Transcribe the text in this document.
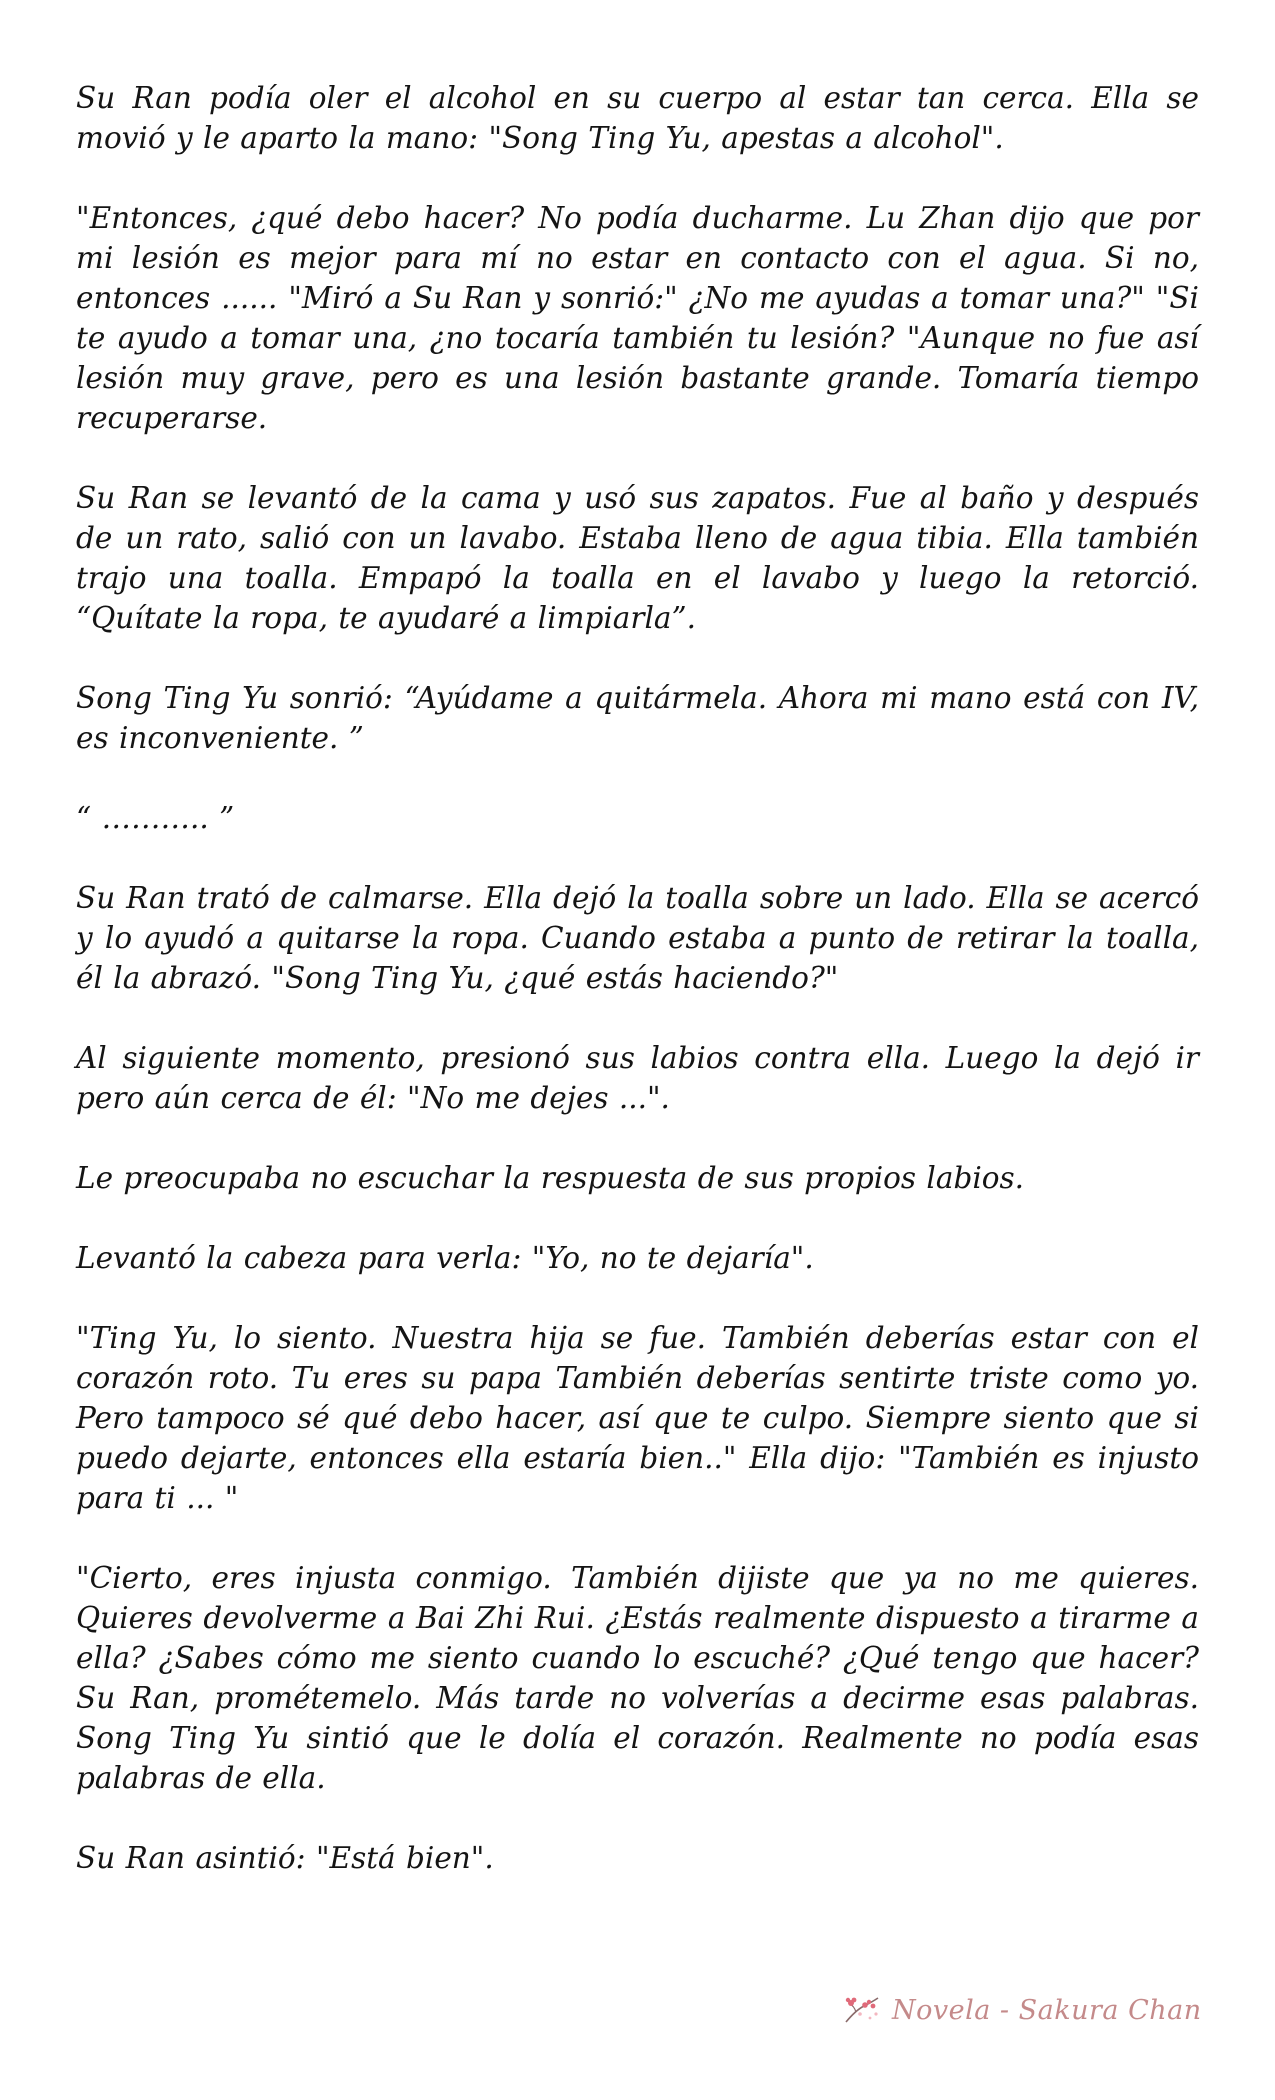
Su Ran podía oler el alcohol en su cuerpo al estar tan cerca. Ella se movió y le aparto la mano: "Song Ting Yu, apestas a alcohol".

"Entonces, ¿qué debo hacer? No podía ducharme. Lu Zhan dijo que por mi lesión es mejor para mí no estar en contacto con el agua. Si no, entonces ...... "Miró a Su Ran y sonrió:" ¿No me ayudas a tomar una?" "Si te ayudo a tomar una, ¿no tocaría también tu lesión? "Aunque no fue así lesión muy grave, pero es una lesión bastante grande. Tomaría tiempo recuperarse.

Su Ran se levantó de la cama y usó sus zapatos. Fue al baño y después de un rato, salió con un lavabo. Estaba lleno de agua tibia. Ella también trajo una toalla. Empapó la toalla en el lavabo y luego la retorció. “Quítate la ropa, te ayudaré a limpiarla”.

Song Ting Yu sonrió: “Ayúdame a quitármela. Ahora mi mano está con IV, es inconveniente. ”

“ ……….. ”

Su Ran trató de calmarse. Ella dejó la toalla sobre un lado. Ella se acercó y lo ayudó a quitarse la ropa. Cuando estaba a punto de retirar la toalla, él la abrazó. "Song Ting Yu, ¿qué estás haciendo?"

Al siguiente momento, presionó sus labios contra ella. Luego la dejó ir pero aún cerca de él: "No me dejes ...".

Le preocupaba no escuchar la respuesta de sus propios labios.

Levantó la cabeza para verla: "Yo, no te dejaría".

"Ting Yu, lo siento. Nuestra hija se fue. También deberías estar con el corazón roto. Tu eres su papa También deberías sentirte triste como yo. Pero tampoco sé qué debo hacer, así que te culpo. Siempre siento que si puedo dejarte, entonces ella estaría bien.." Ella dijo: "También es injusto para ti ... "

"Cierto, eres injusta conmigo. También dijiste que ya no me quieres. Quieres devolverme a Bai Zhi Rui. ¿Estás realmente dispuesto a tirarme a ella? ¿Sabes cómo me siento cuando lo escuché? ¿Qué tengo que hacer? Su Ran, prométemelo. Más tarde no volverías a decirme esas palabras. Song Ting Yu sintió que le dolía el corazón. Realmente no podía esas palabras de ella.

Su Ran asintió: "Está bien".

Novela - Sakura Chan
